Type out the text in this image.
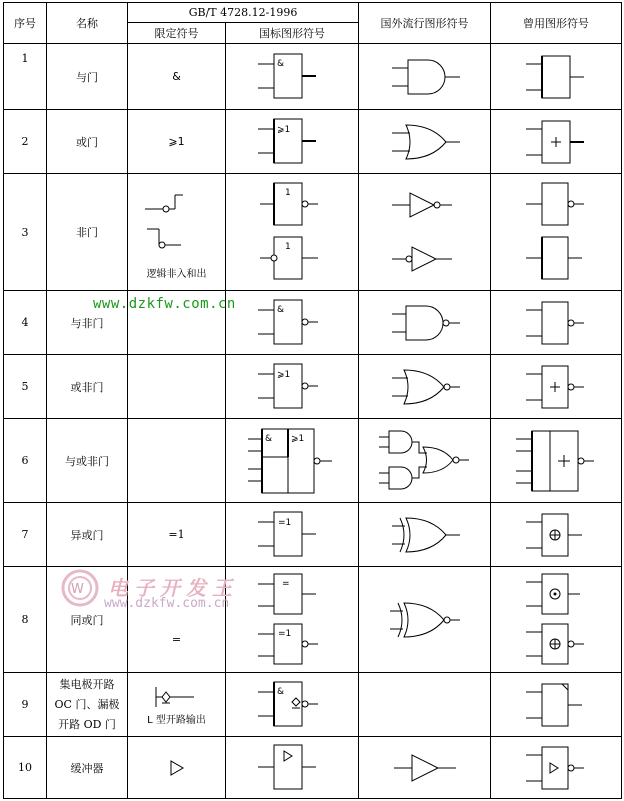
序号	名称	GB/T 4728.12-1996		国外流行图形符号	曾用图形符号
		限定符号	国标图形符号		
1	与门	&	&

2	或门	⩾1	⩾1

3	非门	逻辑非入和出	1
1

4	与非门		&

5	或非门		⩾1

6	与或非门		& ⩾1

7	异或门	=1	=1

8	同或门	=	=
=1

9	集电极开路
OC 门、漏极
开路 OD 门	L 型开路输出	&

10	缓冲器	

www.dzkfw.com.cn
W 电子开发王
www.dzkfw.com.cn
